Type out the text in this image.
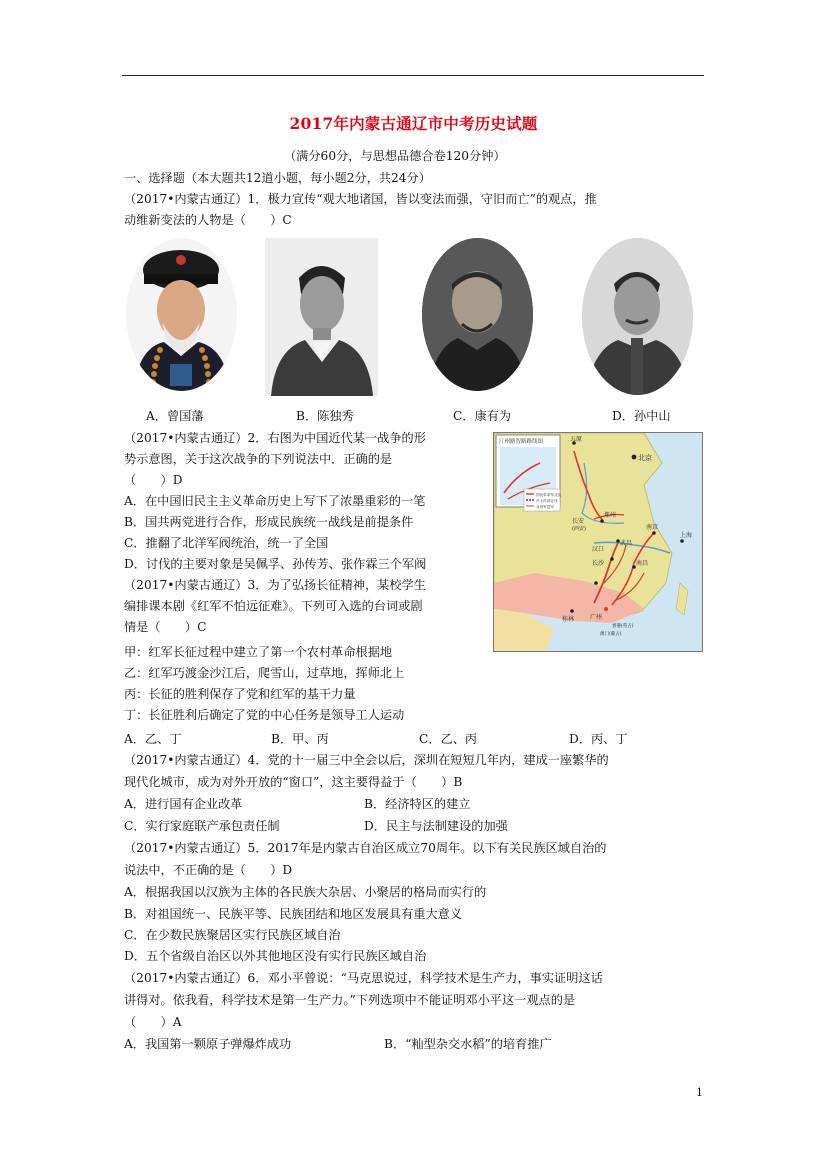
2017年内蒙古通辽市中考历史试题
（满分60分，与思想品德合卷120分钟）
一、选择题（本大题共12道小题，每小题2分，共24分）
（2017•内蒙古通辽）1．极力宣传“观大地诸国，皆以变法而强，守旧而亡”的观点，推
动维新变法的人物是（　　）C
A．曾国藩	B．陈独秀	C．康有为	D．孙中山
（2017•内蒙古通辽）2．右图为中国近代某一战争的形
势示意图，关于这次战争的下列说法中．正确的是
（　　）D
A．在中国旧民主主义革命历史上写下了浓墨重彩的一笔
B．国共两党进行合作，形成民族统一战线是前提条件
C．推翻了北洋军阀统治，统一了全国
D．讨伐的主要对象是吴佩孚、孙传芳、张作霖三个军阀
汀州路智路路线图
国民革命军北伐
冯玉祥部北伐
北伐军进军
五原
北京
长安
(西安)
郑州
南京
上海
武昌
汉口
长沙	南昌
桂林	广州
香港(英占)
澳门(葡占)
（2017•内蒙古通辽）3．为了弘扬长征精神，某校学生
编排课本剧《红军不怕远征难》。下列可入选的台词或剧
情是（　　）C
甲：红军长征过程中建立了第一个农村革命根据地
乙：红军巧渡金沙江后，爬雪山，过草地，挥师北上
丙：长征的胜利保存了党和红军的基干力量
丁：长征胜利后确定了党的中心任务是领导工人运动
A．乙、丁	B．甲、丙	C．乙、丙	D．丙、丁
（2017•内蒙古通辽）4．党的十一届三中全会以后，深圳在短短几年内，建成一座繁华的
现代化城市，成为对外开放的“窗口”，这主要得益于（　　）B
A．进行国有企业改革	B．经济特区的建立
C．实行家庭联产承包责任制	D．民主与法制建设的加强
（2017•内蒙古通辽）5．2017年是内蒙古自治区成立70周年。以下有关民族区域自治的
说法中，不正确的是（　　）D
A．根据我国以汉族为主体的各民族大杂居、小聚居的格局而实行的
B．对祖国统一、民族平等、民族团结和地区发展具有重大意义
C．在少数民族聚居区实行民族区域自治
D．五个省级自治区以外其他地区没有实行民族区域自治
（2017•内蒙古通辽）6．邓小平曾说：“马克思说过，科学技术是生产力，事实证明这话
讲得对。依我看，科学技术是第一生产力。”下列选项中不能证明邓小平这一观点的是
（　　）A
A．我国第一颗原子弹爆炸成功	B．“籼型杂交水稻”的培育推广
1
